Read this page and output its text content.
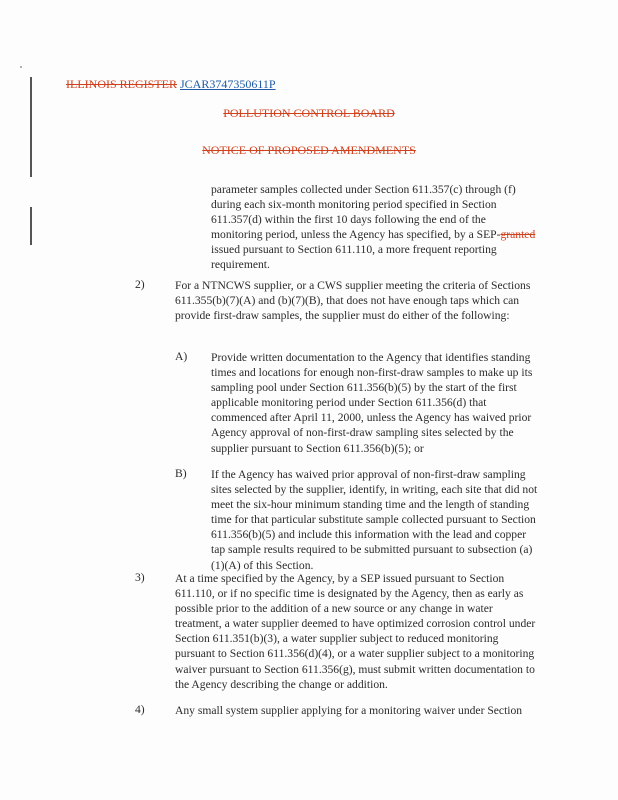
ILLINOIS REGISTER JCAR3747350611P
POLLUTION CONTROL BOARD
NOTICE OF PROPOSED AMENDMENTS
parameter samples collected under Section 611.357(c) through (f) during each six-month monitoring period specified in Section 611.357(d) within the first 10 days following the end of the monitoring period, unless the Agency has specified, by a SEP-granted issued pursuant to Section 611.110, a more frequent reporting requirement.
2)	For a NTNCWS supplier, or a CWS supplier meeting the criteria of Sections 611.355(b)(7)(A) and (b)(7)(B), that does not have enough taps which can provide first-draw samples, the supplier must do either of the following:
A) Provide written documentation to the Agency that identifies standing times and locations for enough non-first-draw samples to make up its sampling pool under Section 611.356(b)(5) by the start of the first applicable monitoring period under Section 611.356(d) that commenced after April 11, 2000, unless the Agency has waived prior Agency approval of non-first-draw sampling sites selected by the supplier pursuant to Section 611.356(b)(5); or
B) If the Agency has waived prior approval of non-first-draw sampling sites selected by the supplier, identify, in writing, each site that did not meet the six-hour minimum standing time and the length of standing time for that particular substitute sample collected pursuant to Section 611.356(b)(5) and include this information with the lead and copper tap sample results required to be submitted pursuant to subsection (a)(1)(A) of this Section.
3)	At a time specified by the Agency, by a SEP issued pursuant to Section 611.110, or if no specific time is designated by the Agency, then as early as possible prior to the addition of a new source or any change in water treatment, a water supplier deemed to have optimized corrosion control under Section 611.351(b)(3), a water supplier subject to reduced monitoring pursuant to Section 611.356(d)(4), or a water supplier subject to a monitoring waiver pursuant to Section 611.356(g), must submit written documentation to the Agency describing the change or addition.
4)	Any small system supplier applying for a monitoring waiver under Section
